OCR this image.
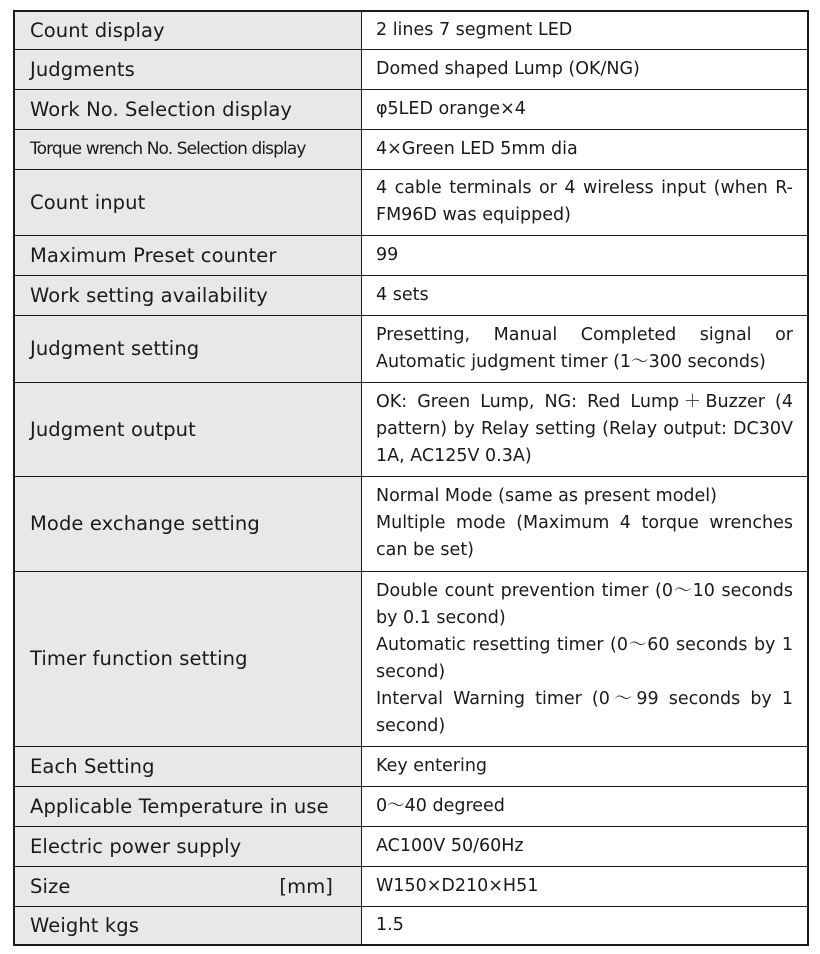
Count display	2 lines 7 segment LED

Judgments	Domed shaped Lump (OK/NG)

Work No. Selection display	φ5LED orange×4

Torque wrench No. Selection display	4×Green LED 5mm dia

Count input	4 cable terminals or 4 wireless input (when R-FM96D was equipped)

Maximum Preset counter	99

Work setting availability	4 sets

Judgment setting	Presetting, Manual Completed signal or Automatic judgment timer (1～300 seconds)

Judgment output	OK: Green Lump, NG: Red Lump＋Buzzer (4 pattern) by Relay setting (Relay output: DC30V 1A, AC125V 0.3A)

Mode exchange setting	Normal Mode (same as present model)
Multiple mode (Maximum 4 torque wrenches can be set)

Timer function setting	Double count prevention timer (0～10 seconds by 0.1 second)
Automatic resetting timer (0～60 seconds by 1 second)
Interval Warning timer (0～99 seconds by 1 second)

Each Setting	Key entering

Applicable Temperature in use	0～40 degreed

Electric power supply	AC100V 50/60Hz

Size [mm]	W150×D210×H51

Weight kgs	1.5
